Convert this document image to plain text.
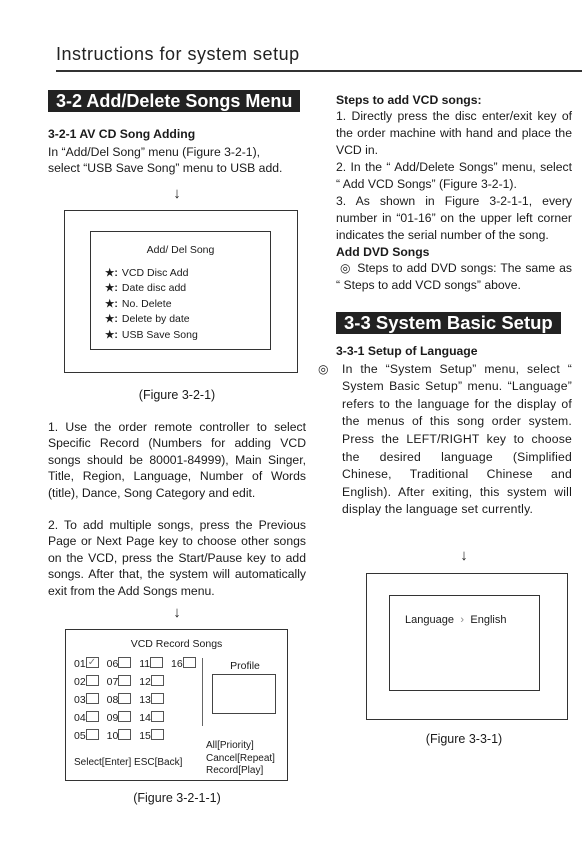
Instructions for system setup
3-2 Add/Delete Songs Menu
3-2-1 AV CD Song Adding

In “Add/Del Song” menu (Figure 3-2-1), select “USB Save Song” menu to USB add.

↓
Add/ Del Song
★: VCD Disc Add
★: Date disc add
★: No. Delete
★: Delete by date
★: USB Save Song
(Figure 3-2-1)

1. Use the order remote controller to select Specific Record (Numbers for adding VCD songs should be 80001-84999), Main Singer, Title, Region, Language, Number of Words (title), Dance, Song Category and edit.

2. To add multiple songs, press the Previous Page or Next Page key to choose other songs on the VCD, press the Start/Pause key to add songs. After that, the system will automatically exit from the Add Songs menu.

↓
VCD Record Songs
01✓ 06 11 16
02 07 12
03 08 13
04 09 14
05 10 15
Profile
All[Priority]
Cancel[Repeat]
Record[Play]
Select[Enter] ESC[Back]
(Figure 3-2-1-1)
Steps to add VCD songs:

1. Directly press the disc enter/exit key of the order machine with hand and place the VCD in.
2. In the “ Add/Delete Songs” menu, select “ Add VCD Songs” (Figure 3-2-1).
3. As shown in Figure 3-2-1-1, every number in “01-16” on the upper left corner indicates the serial number of the song.

Add DVD Songs

◎ Steps to add DVD songs: The same as “ Steps to add VCD songs” above.

3-3 System Basic Setup
3-3-1 Setup of Language
◎ In the “System Setup” menu, select “ System Basic Setup” menu. “Language” refers to the language for the display of the menus of this song order system. Press the LEFT/RIGHT key to choose the desired language (Simplified Chinese, Traditional Chinese and English). After exiting, this system will display the language set currently.

↓
Language › English
(Figure 3-3-1)
